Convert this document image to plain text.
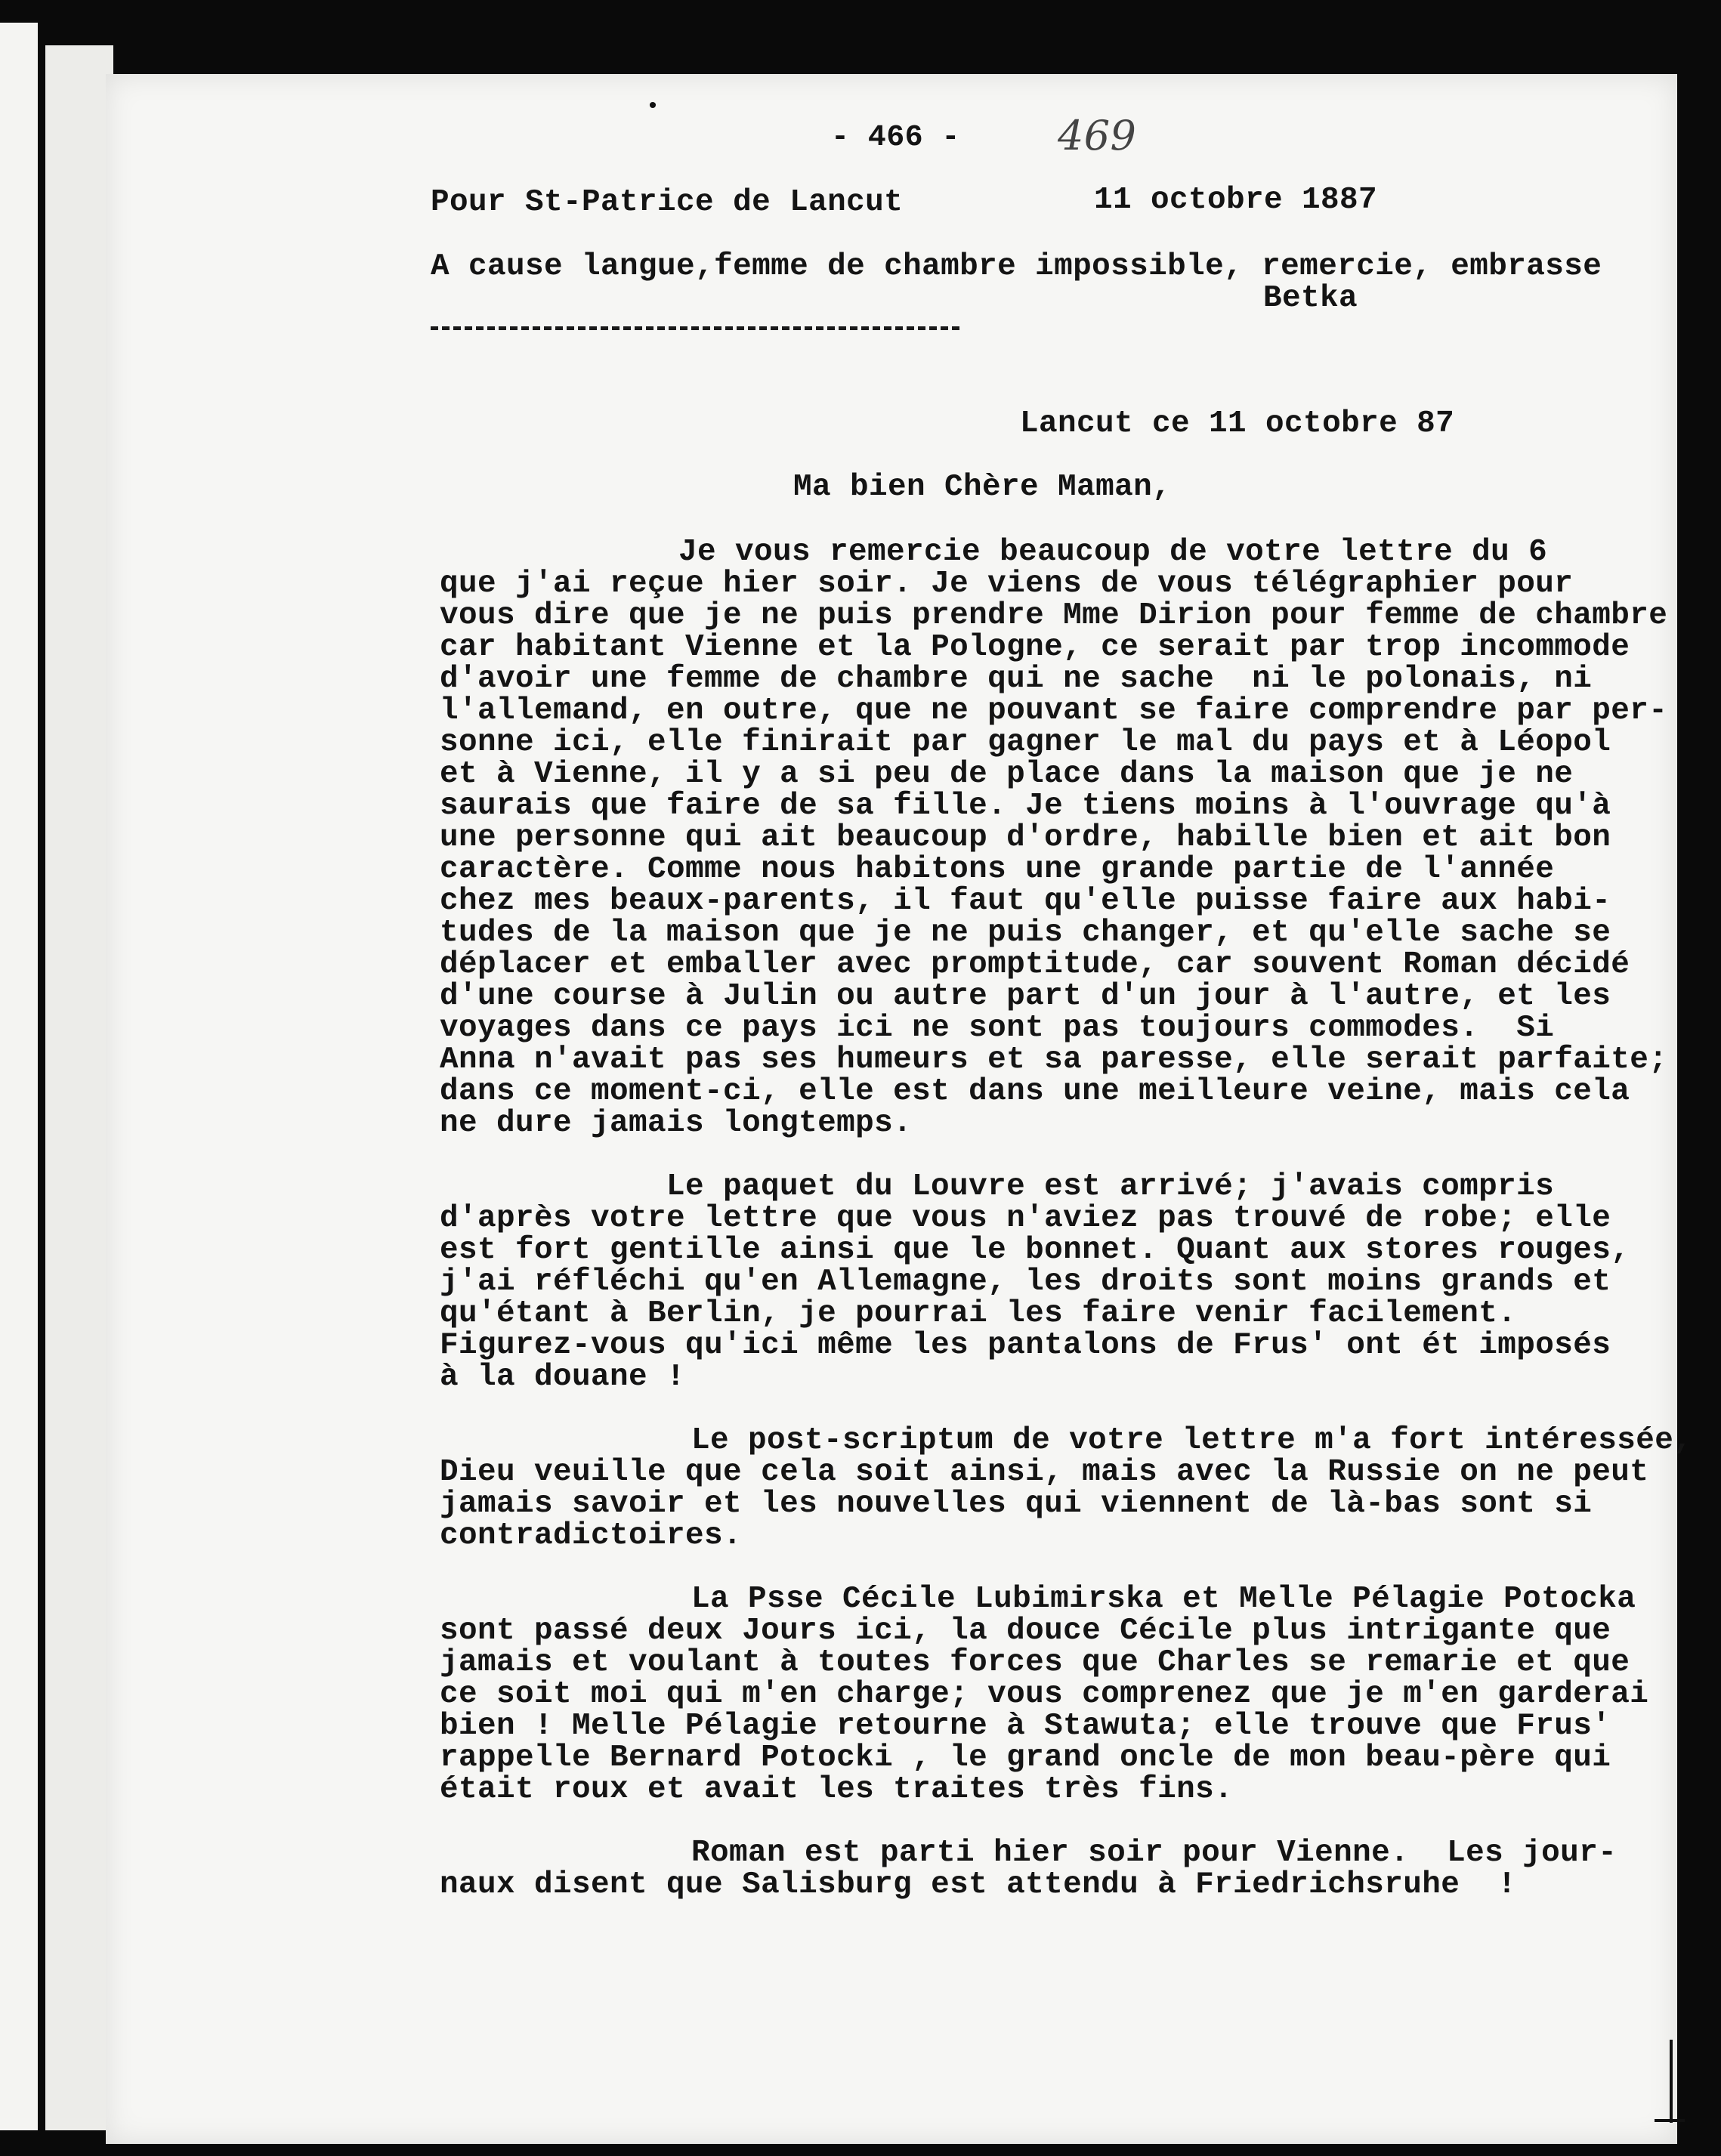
•
- 466 - 469
Pour St-Patrice de Lancut	11 octobre 1887
A cause langue,femme de chambre impossible, remercie, embrasse
Betka
Lancut ce 11 octobre 87
Ma bien Chère Maman,
Je vous remercie beaucoup de votre lettre du 6
que j'ai reçue hier soir. Je viens de vous télégraphier pour
vous dire que je ne puis prendre Mme Dirion pour femme de chambre
car habitant Vienne et la Pologne, ce serait par trop incommode
d'avoir une femme de chambre qui ne sache  ni le polonais, ni
l'allemand, en outre, que ne pouvant se faire comprendre par per-
sonne ici, elle finirait par gagner le mal du pays et à Léopol
et à Vienne, il y a si peu de place dans la maison que je ne
saurais que faire de sa fille. Je tiens moins à l'ouvrage qu'à
une personne qui ait beaucoup d'ordre, habille bien et ait bon
caractère. Comme nous habitons une grande partie de l'année
chez mes beaux-parents, il faut qu'elle puisse faire aux habi-
tudes de la maison que je ne puis changer, et qu'elle sache se
déplacer et emballer avec promptitude, car souvent Roman décidé
d'une course à Julin ou autre part d'un jour à l'autre, et les
voyages dans ce pays ici ne sont pas toujours commodes.  Si
Anna n'avait pas ses humeurs et sa paresse, elle serait parfaite;
dans ce moment-ci, elle est dans une meilleure veine, mais cela
ne dure jamais longtemps.
Le paquet du Louvre est arrivé; j'avais compris
d'après votre lettre que vous n'aviez pas trouvé de robe; elle
est fort gentille ainsi que le bonnet. Quant aux stores rouges,
j'ai réfléchi qu'en Allemagne, les droits sont moins grands et
qu'étant à Berlin, je pourrai les faire venir facilement.
Figurez-vous qu'ici même les pantalons de Frus' ont ét imposés
à la douane !
Le post-scriptum de votre lettre m'a fort intéressée,
Dieu veuille que cela soit ainsi, mais avec la Russie on ne peut
jamais savoir et les nouvelles qui viennent de là-bas sont si
contradictoires.
La Psse Cécile Lubimirska et Melle Pélagie Potocka
sont passé deux Jours ici, la douce Cécile plus intrigante que
jamais et voulant à toutes forces que Charles se remarie et que
ce soit moi qui m'en charge; vous comprenez que je m'en garderai
bien ! Melle Pélagie retourne à Stawuta; elle trouve que Frus'
rappelle Bernard Potocki , le grand oncle de mon beau-père qui
était roux et avait les traites très fins.
Roman est parti hier soir pour Vienne.  Les jour-
naux disent que Salisburg est attendu à Friedrichsruhe  !
